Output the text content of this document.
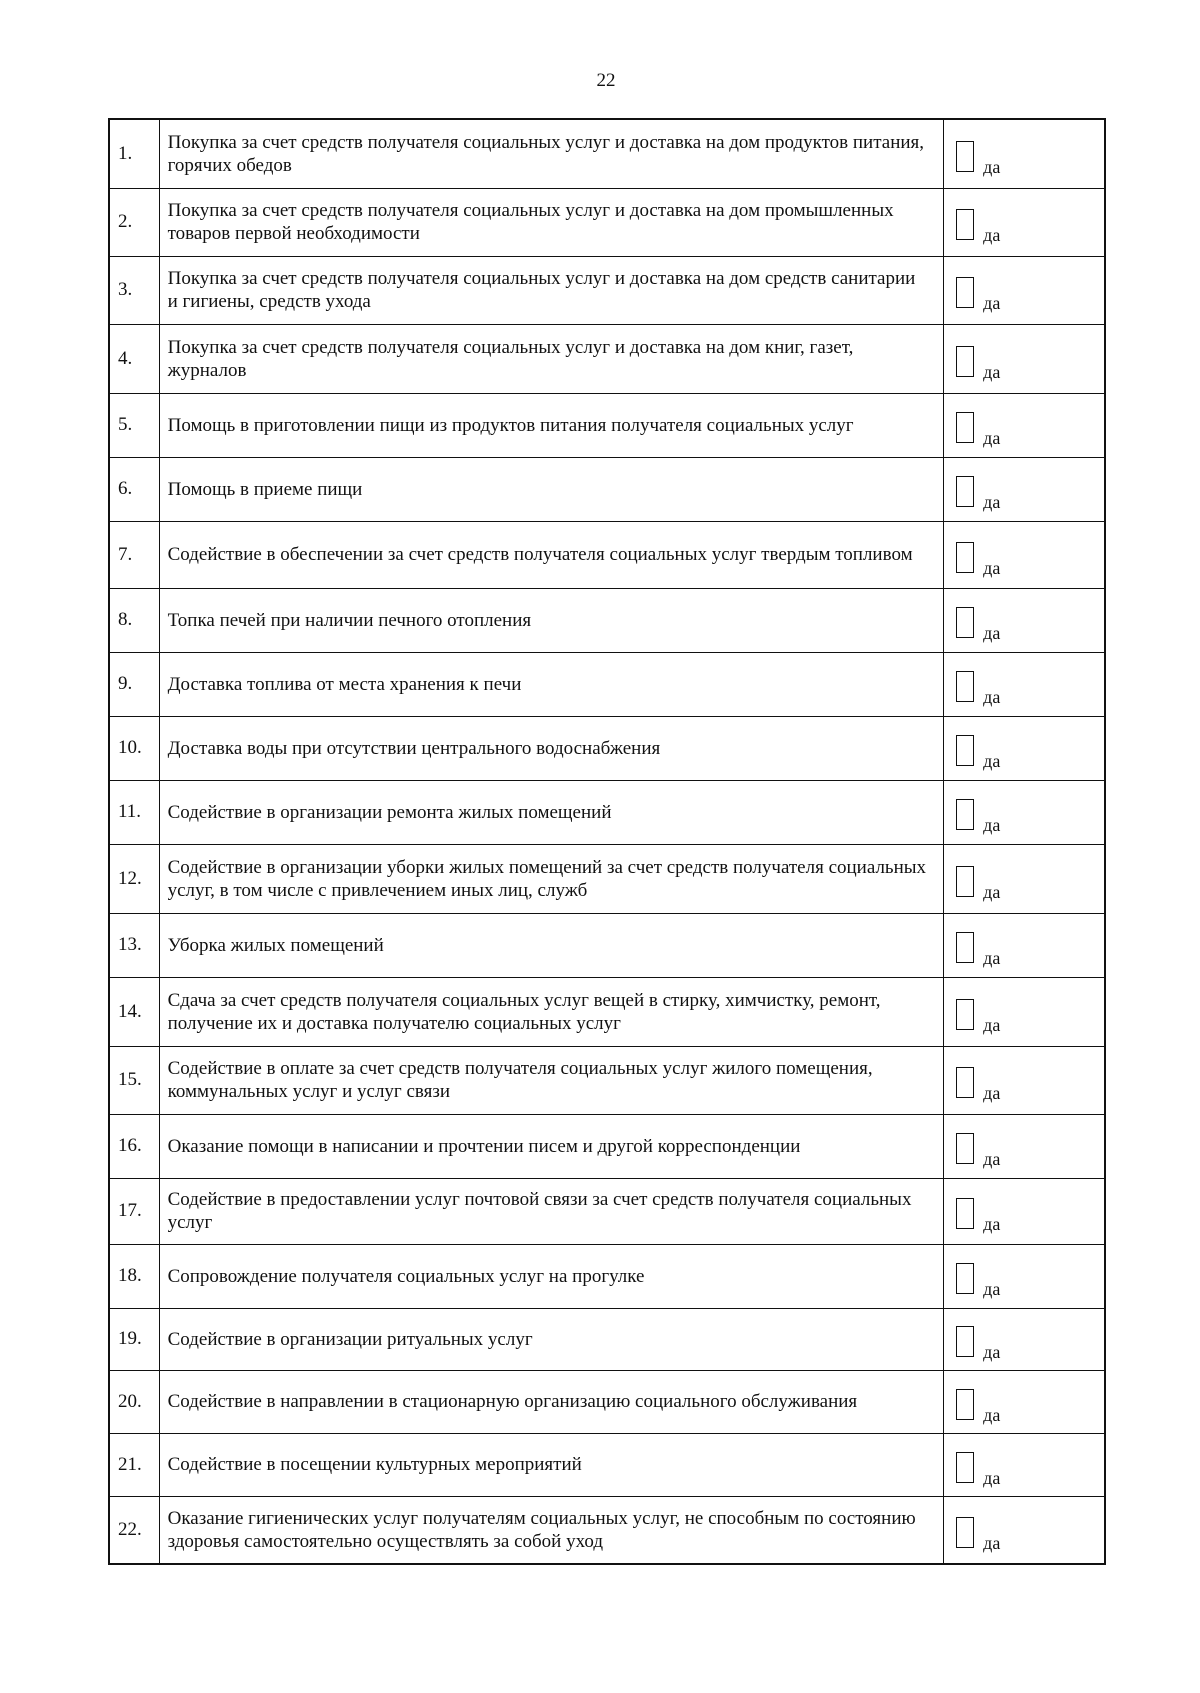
22
1.	Покупка за счет средств получателя социальных услуг и доставка на дом продуктов питания, горячих обедов	да

2.	Покупка за счет средств получателя социальных услуг и доставка на дом промышленных товаров первой необходимости	да

3.	Покупка за счет средств получателя социальных услуг и доставка на дом средств санитарии и гигиены, средств ухода	да

4.	Покупка за счет средств получателя социальных услуг и доставка на дом книг, газет, журналов	да

5.	Помощь в приготовлении пищи из продуктов питания получателя социальных услуг	да

6.	Помощь в приеме пищи	да

7.	Содействие в обеспечении за счет средств получателя социальных услуг твердым топливом	да

8.	Топка печей при наличии печного отопления	да

9.	Доставка топлива от места хранения к печи	да

10.	Доставка воды при отсутствии центрального водоснабжения	да

11.	Содействие в организации ремонта жилых помещений	да

12.	Содействие в организации уборки жилых помещений за счет средств получателя социальных услуг, в том числе с привлечением иных лиц, служб	да

13.	Уборка жилых помещений	да

14.	Сдача за счет средств получателя социальных услуг вещей в стирку, химчистку, ремонт, получение их и доставка получателю социальных услуг	да

15.	Содействие в оплате за счет средств получателя социальных услуг жилого помещения, коммунальных услуг и услуг связи	да

16.	Оказание помощи в написании и прочтении писем и другой корреспонденции	да

17.	Содействие в предоставлении услуг почтовой связи за счет средств получателя социальных услуг	да

18.	Сопровождение получателя социальных услуг на прогулке	да

19.	Содействие в организации ритуальных услуг	да

20.	Содействие в направлении в стационарную организацию социального обслуживания	да

21.	Содействие в посещении культурных мероприятий	да

22.	Оказание гигиенических услуг получателям социальных услуг, не способным по состоянию здоровья самостоятельно осуществлять за собой уход	да
